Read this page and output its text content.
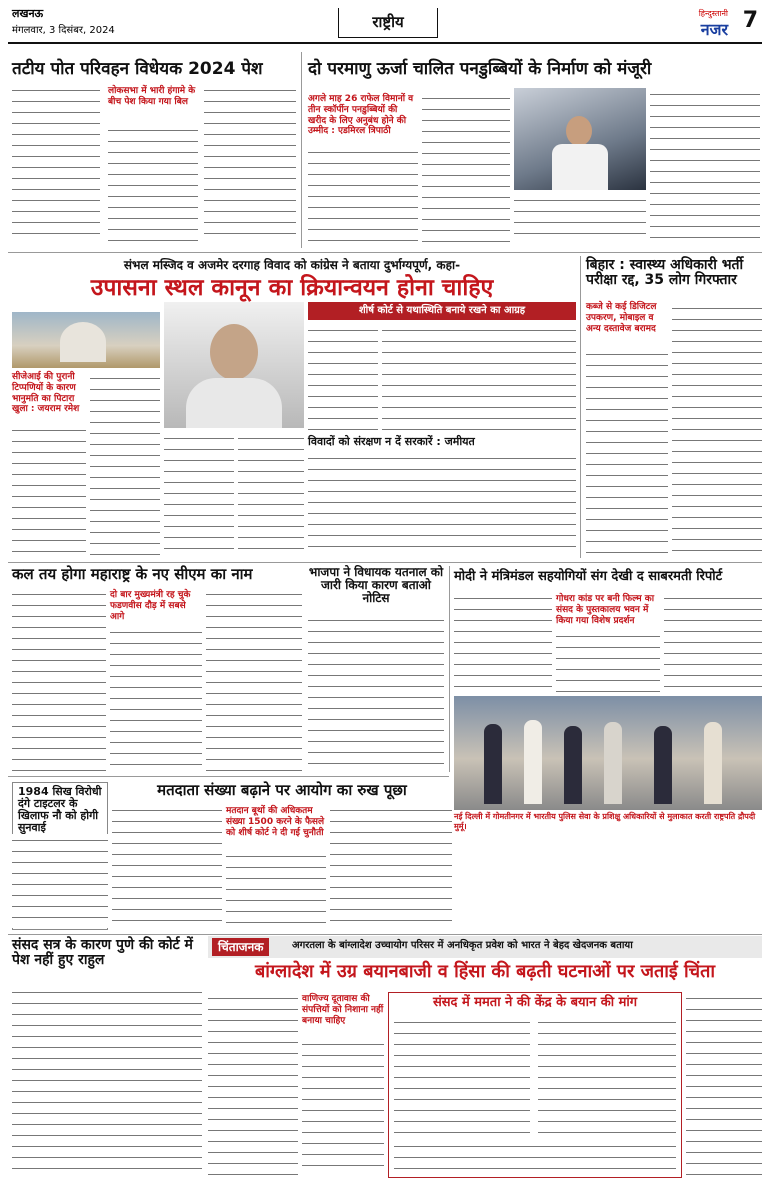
लखनऊ
मंगलवार, 3 दिसंबर, 2024	राष्ट्रीय	हिन्दुस्तानी
नजर 7
तटीय पोत परिवहन विधेयक 2024 पेश
लोकसभा में भारी हंगामे के बीच पेश किया गया बिल
दो परमाणु ऊर्जा चालित पनडुब्बियों के निर्माण को मंजूरी
अगले माह 26 राफेल विमानों व तीन स्कॉर्पीन पनडुब्बियों की खरीद के लिए अनुबंध होने की उम्मीद : एडमिरल त्रिपाठी
संभल मस्जिद व अजमेर दरगाह विवाद को कांग्रेस ने बताया दुर्भाग्यपूर्ण, कहा-
उपासना स्थल कानून का क्रियान्वयन होना चाहिए
सीजेआई की पुरानी टिप्पणियों के कारण भानुमति का पिटारा खुला : जयराम रमेश
शीर्ष कोर्ट से यथास्थिति बनाये रखने का आग्रह
विवादों को संरक्षण न दें सरकारें : जमीयत
बिहार : स्वास्थ्य अधिकारी भर्ती परीक्षा रद्द, 35 लोग गिरफ्तार
कब्जे से कई डिजिटल उपकरण, मोबाइल व अन्य दस्तावेज बरामद
कल तय होगा महाराष्ट्र के नए सीएम का नाम
दो बार मुख्यमंत्री रह चुके फडणवीस दौड़ में सबसे आगे
भाजपा ने विधायक यतनाल को जारी किया कारण बताओ नोटिस
मोदी ने मंत्रिमंडल सहयोगियों संग देखी द साबरमती रिपोर्ट
गोधरा कांड पर बनी फिल्म का संसद के पुस्तकालय भवन में किया गया विशेष प्रदर्शन
नई दिल्ली में गोमतीनगर में भारतीय पुलिस सेवा के प्रशिक्षु अधिकारियों से मुलाकात करती राष्ट्रपति द्रौपदी मुर्मू।
1984 सिख विरोधी दंगे टाइटलर के खिलाफ नौ को होगी सुनवाई
मतदाता संख्या बढ़ाने पर आयोग का रुख पूछा
मतदान बूथों की अधिकतम संख्या 1500 करने के फैसले को शीर्ष कोर्ट ने दी गई चुनौती
चिंताजनक	अगरतला के बांग्लादेश उच्चायोग परिसर में अनधिकृत प्रवेश को भारत ने बेहद खेदजनक बताया
बांग्लादेश में उग्र बयानबाजी व हिंसा की बढ़ती घटनाओं पर जताई चिंता
संसद सत्र के कारण पुणे की कोर्ट में पेश नहीं हुए राहुल
वाणिज्य दूतावास की संपत्तियों को निशाना नहीं बनाया चाहिए
संसद में ममता ने की केंद्र के बयान की मांग
